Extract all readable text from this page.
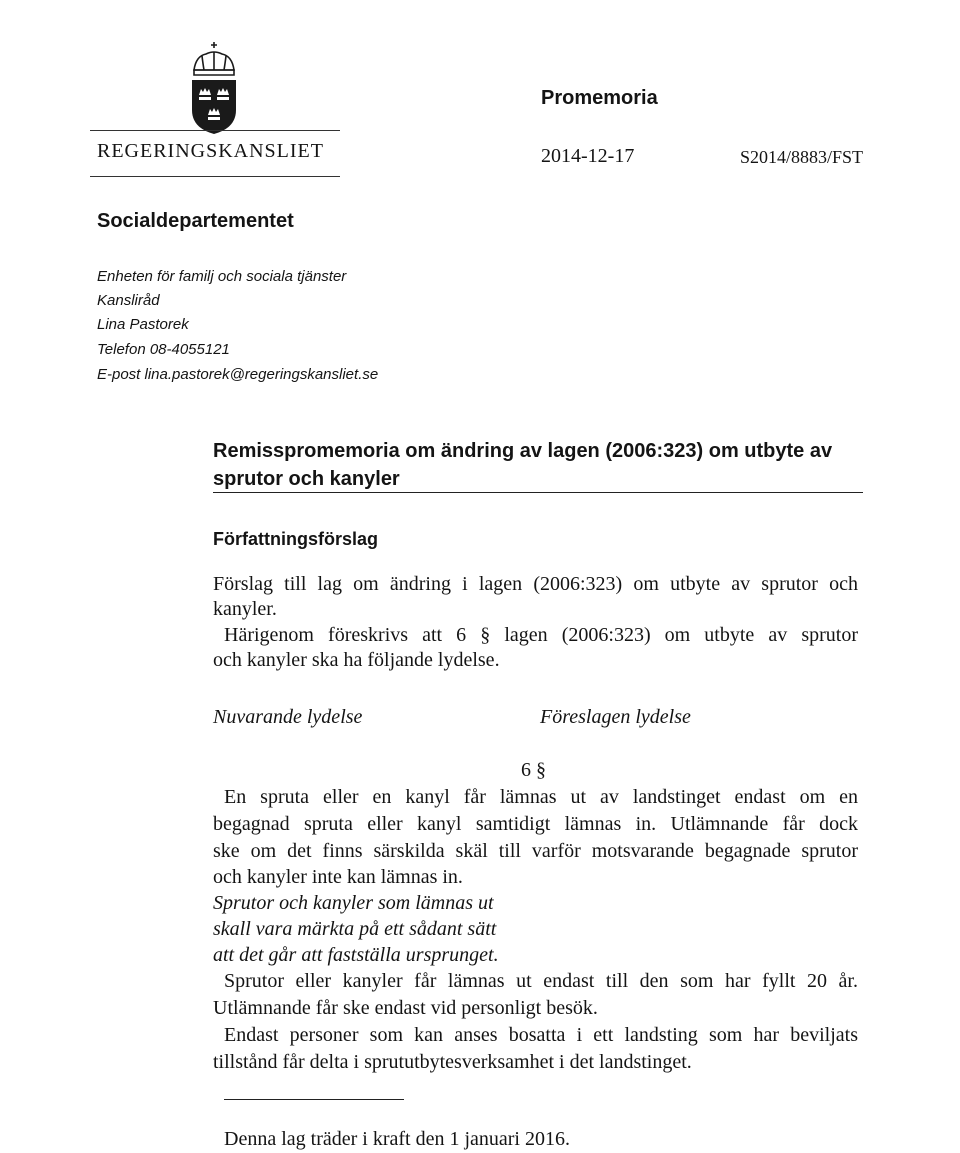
REGERINGSKANSLIET
Promemoria
2014-12-17	S2014/8883/FST
Socialdepartementet
Enheten för familj och sociala tjänster
Kansliråd
Lina Pastorek
Telefon 08-4055121
E-post lina.pastorek@regeringskansliet.se
Remisspromemoria om ändring av lagen (2006:323) om utbyte av
sprutor och kanyler
Författningsförslag
Förslag till lag om ändring i lagen (2006:323) om utbyte av sprutor och
kanyler.
Härigenom föreskrivs att 6 § lagen (2006:323) om utbyte av sprutor
och kanyler ska ha följande lydelse.
Nuvarande lydelse	Föreslagen lydelse
6 §
En spruta eller en kanyl får lämnas ut av landstinget endast om en
begagnad spruta eller kanyl samtidigt lämnas in. Utlämnande får dock
ske om det finns särskilda skäl till varför motsvarande begagnade sprutor
och kanyler inte kan lämnas in.
Sprutor och kanyler som lämnas ut
skall vara märkta på ett sådant sätt
att det går att fastställa ursprunget.
Sprutor eller kanyler får lämnas ut endast till den som har fyllt 20 år.
Utlämnande får ske endast vid personligt besök.
Endast personer som kan anses bosatta i ett landsting som har beviljats
tillstånd får delta i sprututbytesverksamhet i det landstinget.
Denna lag träder i kraft den 1 januari 2016.
